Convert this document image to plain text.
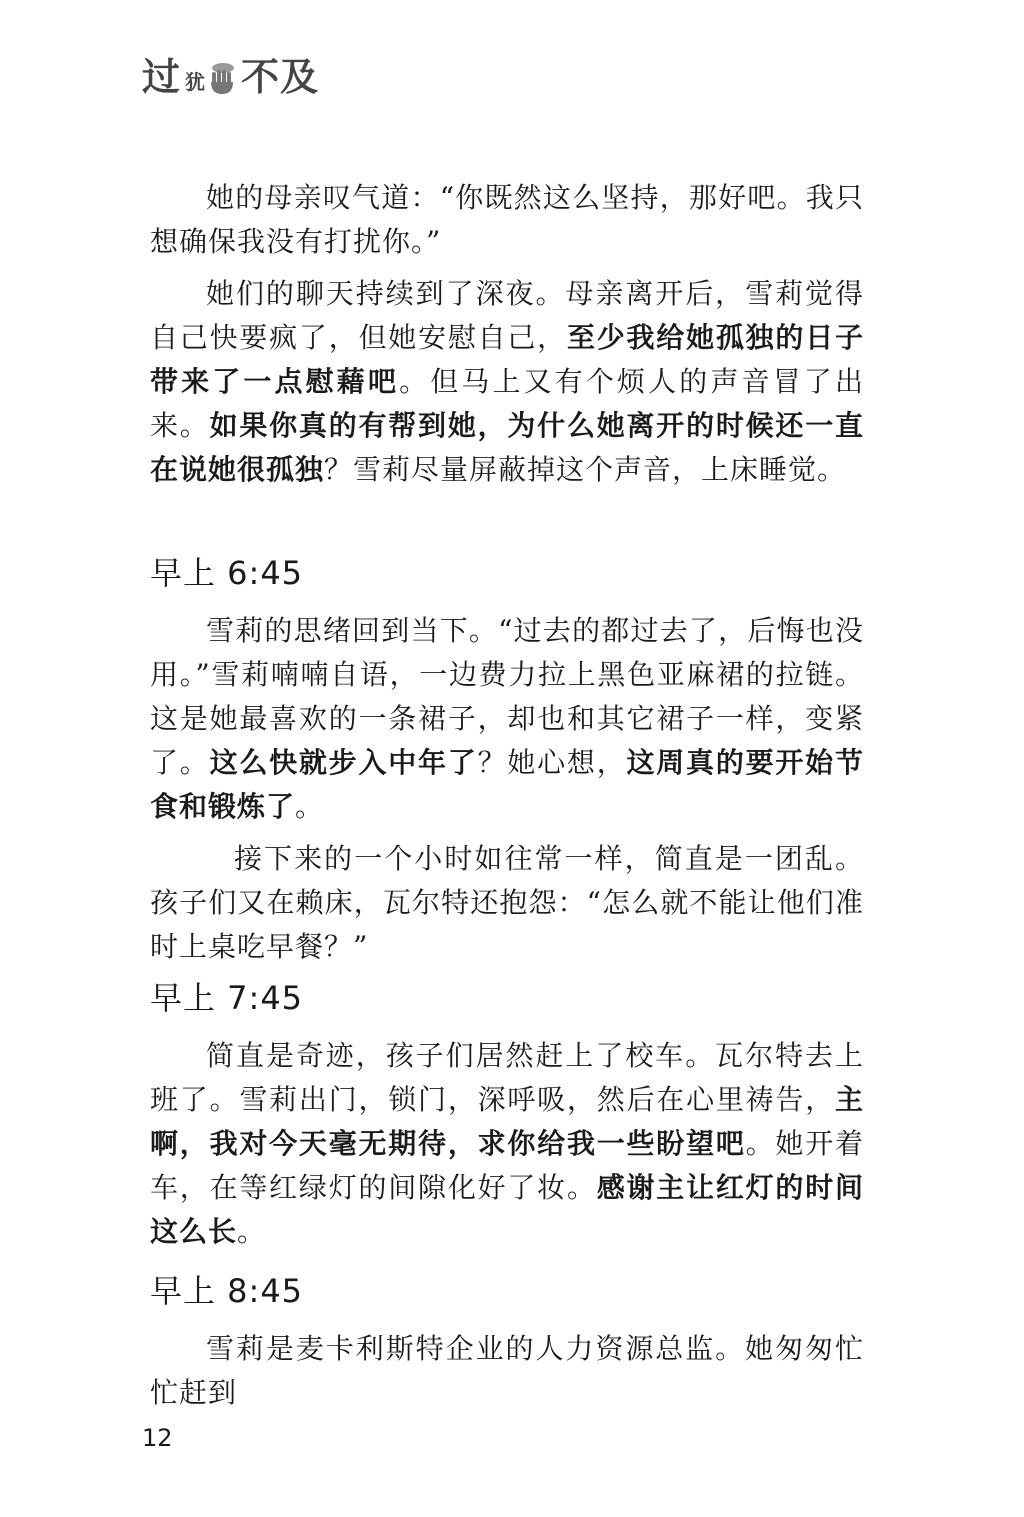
过 犹 不及

她的母亲叹气道：“你既然这么坚持，那好吧。我只想确保我没有打扰你。”

她们的聊天持续到了深夜。母亲离开后，雪莉觉得自己快要疯了，但她安慰自己，至少我给她孤独的日子带来了一点慰藉吧。但马上又有个烦人的声音冒了出来。如果你真的有帮到她，为什么她离开的时候还一直在说她很孤独？雪莉尽量屏蔽掉这个声音，上床睡觉。

早上 6:45

雪莉的思绪回到当下。“过去的都过去了，后悔也没用。”雪莉喃喃自语，一边费力拉上黑色亚麻裙的拉链。这是她最喜欢的一条裙子，却也和其它裙子一样，变紧了。这么快就步入中年了？她心想，这周真的要开始节食和锻炼了。

接下来的一个小时如往常一样，简直是一团乱。孩子们又在赖床，瓦尔特还抱怨：“怎么就不能让他们准时上桌吃早餐？”

早上 7:45

简直是奇迹，孩子们居然赶上了校车。瓦尔特去上班了。雪莉出门，锁门，深呼吸，然后在心里祷告，主啊，我对今天毫无期待，求你给我一些盼望吧。她开着车，在等红绿灯的间隙化好了妆。感谢主让红灯的时间这么长。

早上 8:45

雪莉是麦卡利斯特企业的人力资源总监。她匆匆忙忙赶到

12
